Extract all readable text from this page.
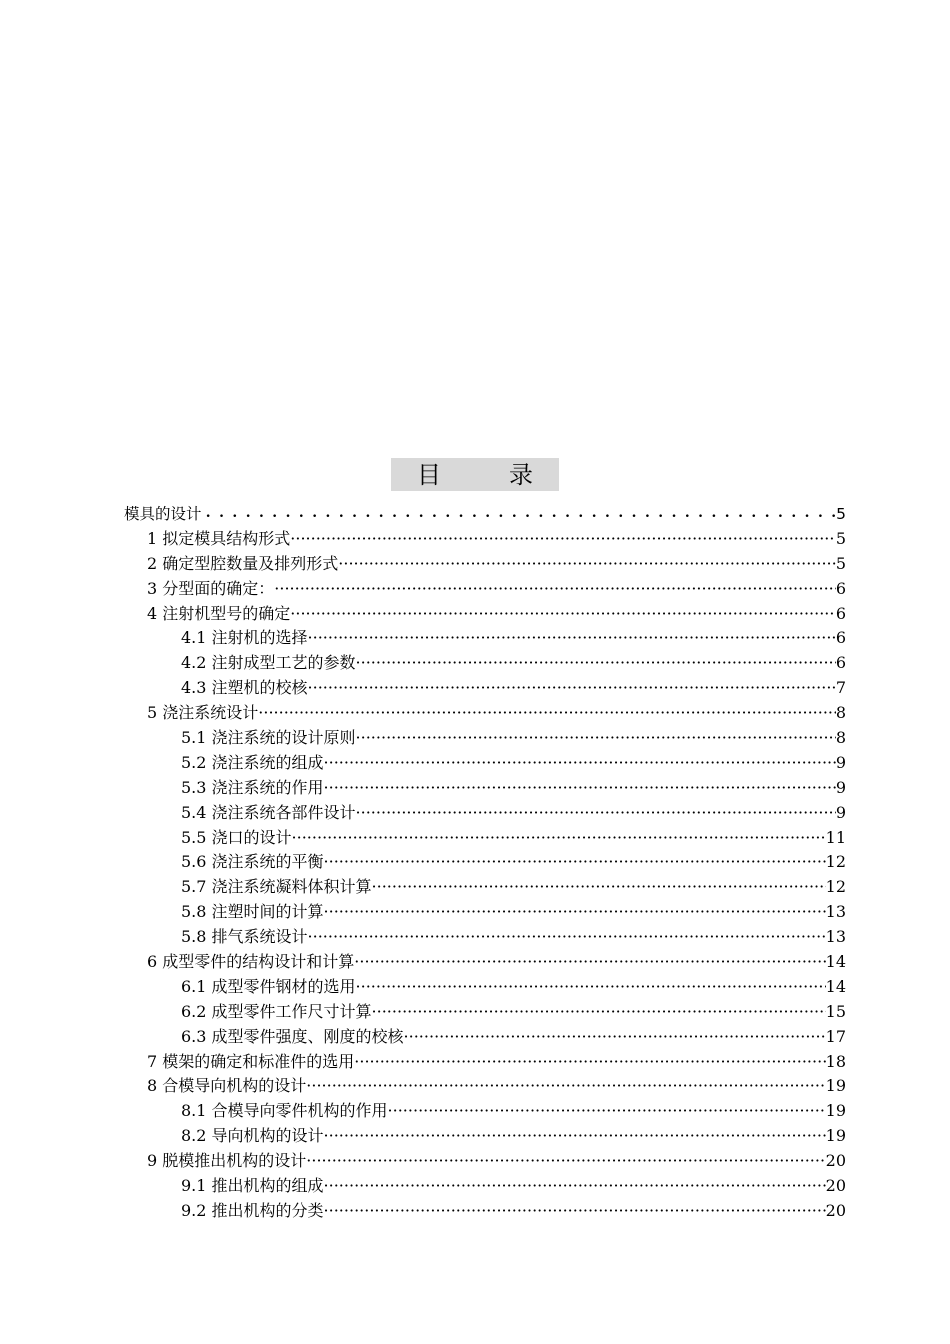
目　录
模具的设计 •••••	5
1 拟定模具结构形式 ·····	5
2 确定型腔数量及排列形式 ·····	5
3 分型面的确定： ·····	6
4 注射机型号的确定 ·····	6
4.1 注射机的选择 ·····	6
4.2 注射成型工艺的参数 ·····	6
4.3 注塑机的校核 ·····	7
5 浇注系统设计 ·····	8
5.1 浇注系统的设计原则 ·····	8
5.2 浇注系统的组成 ·····	9
5.3 浇注系统的作用 ·····	9
5.4 浇注系统各部件设计 ·····	9
5.5 浇口的设计 ·····	11
5.6 浇注系统的平衡 ·····	12
5.7 浇注系统凝料体积计算 ·····	12
5.8 注塑时间的计算 ·····	13
5.8 排气系统设计 ·····	13
6 成型零件的结构设计和计算 ·····	14
6.1 成型零件钢材的选用 ·····	14
6.2 成型零件工作尺寸计算 ·····	15
6.3 成型零件强度、刚度的校核 ·····	17
7 模架的确定和标准件的选用 ·····	18
8 合模导向机构的设计 ·····	19
8.1 合模导向零件机构的作用 ·····	19
8.2 导向机构的设计 ·····	19
9 脱模推出机构的设计 ·····	20
9.1 推出机构的组成 ·····	20
9.2 推出机构的分类 ·····	20
